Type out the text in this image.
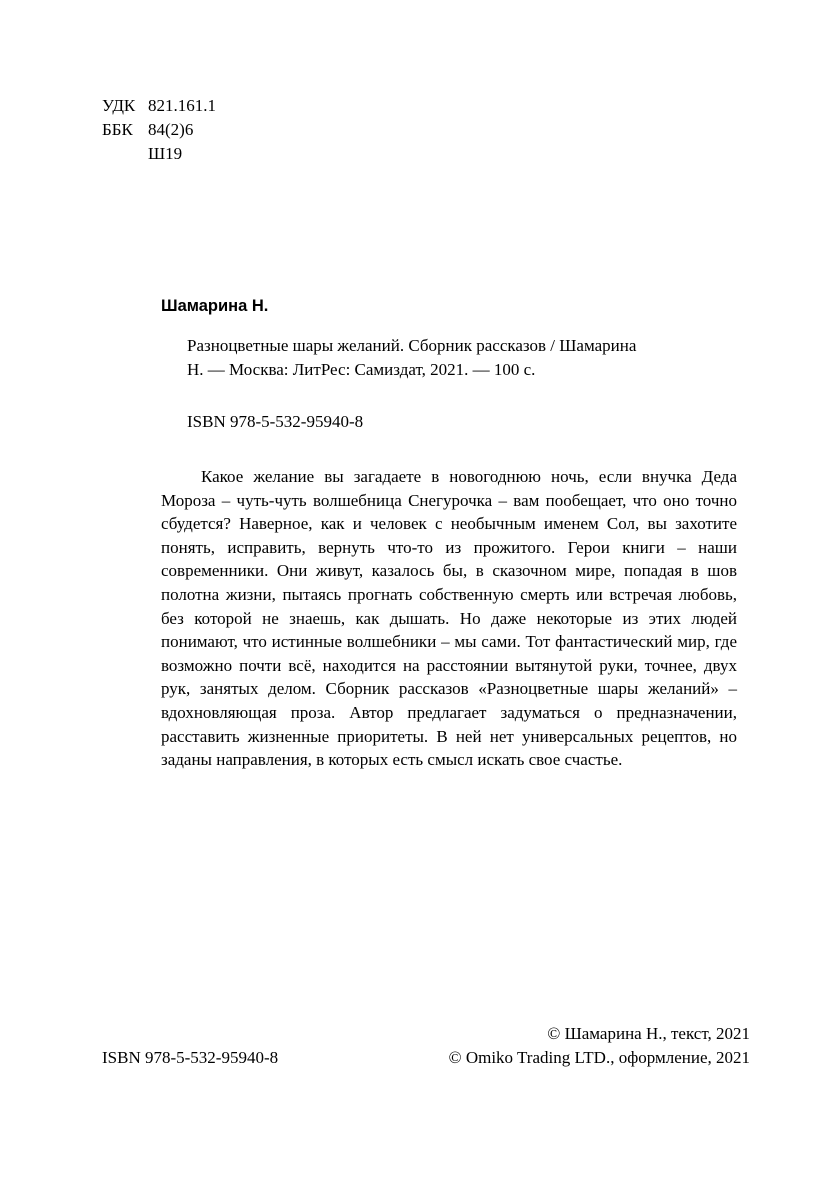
УДК 821.161.1
ББК 84(2)6
Ш19
Шамарина Н.
Разноцветные шары желаний. Сборник рассказов / Шамарина
Н. — Москва: ЛитРес: Самиздат, 2021. — 100 с.
ISBN 978-5-532-95940-8
Какое желание вы загадаете в новогоднюю ночь, если внучка Деда Мороза – чуть-чуть волшебница Снегурочка – вам пообещает, что оно точно сбудется? Наверное, как и человек с необычным именем Сол, вы захотите понять, исправить, вернуть что-то из прожитого. Герои книги – наши современники. Они живут, казалось бы, в сказочном мире, попадая в шов полотна жизни, пытаясь прогнать собственную смерть или встречая любовь, без которой не знаешь, как дышать. Но даже некоторые из этих людей понимают, что истинные волшебники – мы сами. Тот фантастический мир, где возможно почти всё, находится на расстоянии вытянутой руки, точнее, двух рук, занятых делом. Сборник рассказов «Разноцветные шары желаний» – вдохновляющая проза. Автор предлагает задуматься о предназначении, расставить жизненные приоритеты. В ней нет универсальных рецептов, но заданы направления, в которых есть смысл искать свое счастье.
ISBN 978-5-532-95940-8
© Шамарина Н., текст, 2021
© Omiko Trading LTD., оформление, 2021
